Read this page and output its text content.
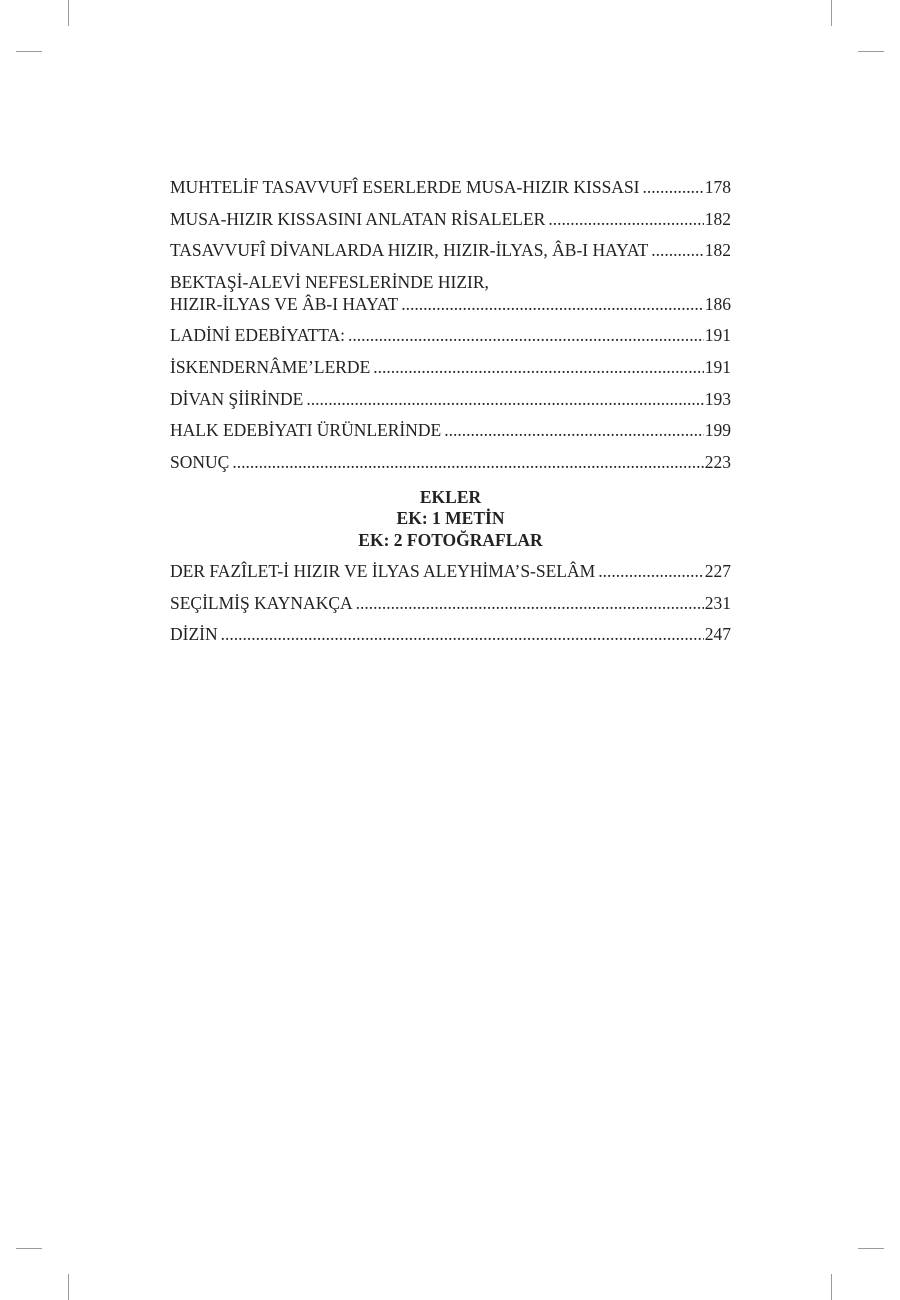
MUHTELİF TASAVVUFÎ ESERLERDE MUSA-HIZIR KISSASI .....	178
MUSA-HIZIR KISSASINI ANLATAN RİSALELER .....	182
TASAVVUFÎ DİVANLARDA HIZIR, HIZIR-İLYAS, ÂB-I HAYAT .....	182
BEKTAŞİ-ALEVİ NEFESLERİNDE HIZIR,
HIZIR-İLYAS VE ÂB-I HAYAT .....	186
LADİNİ EDEBİYATTA: .....	191
İSKENDERNÂME’LERDE .....	191
DİVAN ŞİİRİNDE .....	193
HALK EDEBİYATI ÜRÜNLERİNDE .....	199
SONUÇ .....	223
EKLER
EK: 1 METİN
EK: 2 FOTOĞRAFLAR
DER FAZÎLET-İ HIZIR VE İLYAS ALEYHİMA’S-SELÂM .....	227
SEÇİLMİŞ KAYNAKÇA .....	231
DİZİN .....	247
